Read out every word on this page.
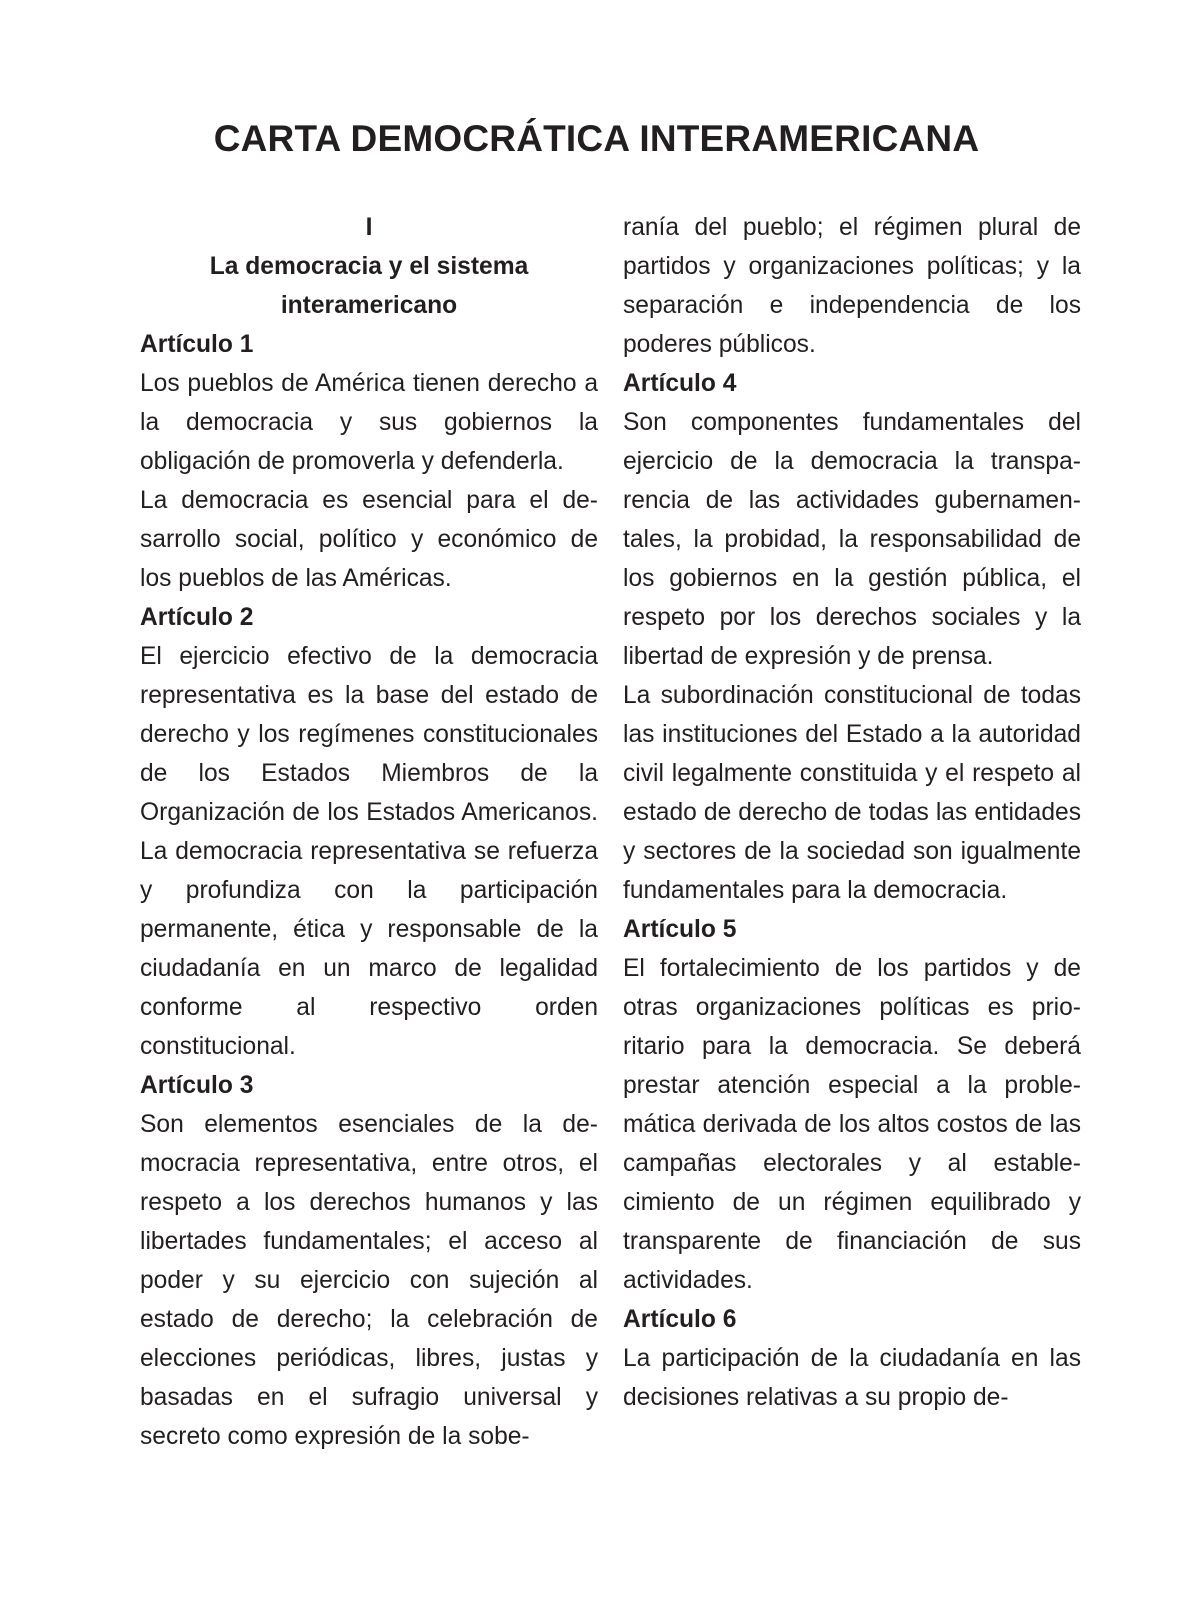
CARTA DEMOCRÁTICA INTERAMERICANA
I
La democracia y el sistema
interamericano
Artículo 1

Los pueblos de América tienen derecho a la democracia y sus gobiernos la obligación de promoverla y defenderla.

La democracia es esencial para el desarrollo social, político y económico de los pueblos de las Américas.

Artículo 2

El ejercicio efectivo de la democracia representativa es la base del estado de derecho y los regímenes constitucionales de los Estados Miembros de la Organización de los Estados Americanos. La democracia representativa se refuerza y profundiza con la participación permanente, ética y responsable de la ciudadanía en un marco de legalidad conforme al respectivo orden constitucional.

Artículo 3

Son elementos esenciales de la democracia representativa, entre otros, el respeto a los derechos humanos y las libertades fundamentales; el acceso al poder y su ejercicio con sujeción al estado de derecho; la celebración de elecciones periódicas, libres, justas y basadas en el sufragio universal y secreto como expresión de la sobe-

ranía del pueblo; el régimen plural de partidos y organizaciones políticas; y la separación e independencia de los poderes públicos.

Artículo 4

Son componentes fundamentales del ejercicio de la democracia la transparencia de las actividades gubernamentales, la probidad, la responsabilidad de los gobiernos en la gestión pública, el respeto por los derechos sociales y la libertad de expresión y de prensa.

La subordinación constitucional de todas las instituciones del Estado a la autoridad civil legalmente constituida y el respeto al estado de derecho de todas las entidades y sectores de la sociedad son igualmente fundamentales para la democracia.

Artículo 5

El fortalecimiento de los partidos y de otras organizaciones políticas es prioritario para la democracia. Se deberá prestar atención especial a la problemática derivada de los altos costos de las campañas electorales y al establecimiento de un régimen equilibrado y transparente de financiación de sus actividades.

Artículo 6

La participación de la ciudadanía en las decisiones relativas a su propio de-
